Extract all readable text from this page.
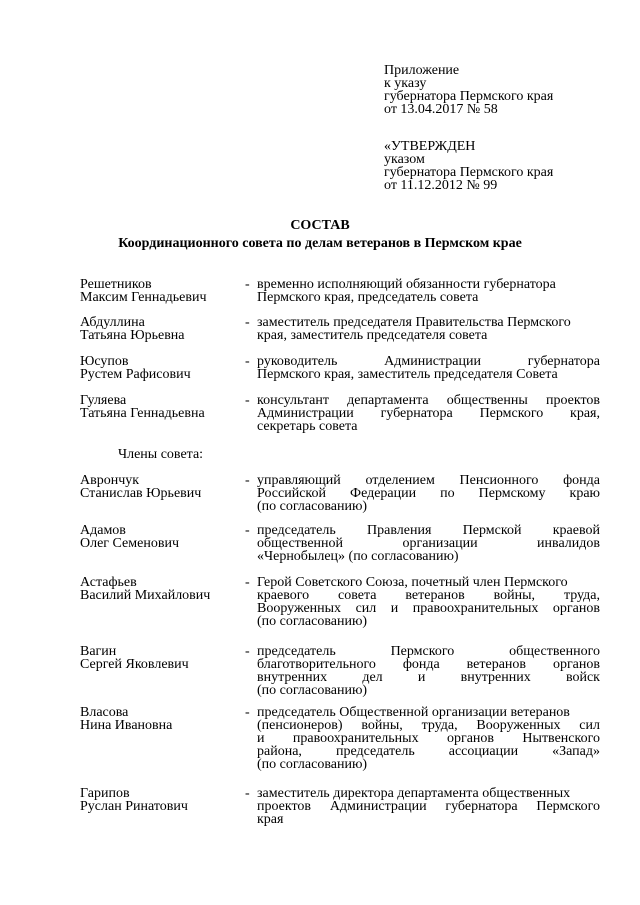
Приложение
к указу
губернатора Пермского края
от 13.04.2017 № 58
«УТВЕРЖДЕН
указом
губернатора Пермского края
от 11.12.2012 № 99
СОСТАВ
Координационного совета по делам ветеранов в Пермском крае
Члены совета:
Решетников
Максим Геннадьевич
- временно исполняющий обязанности губернатора
Пермского края, председатель совета
Абдуллина
Татьяна Юрьевна
- заместитель председателя Правительства Пермского
края, заместитель председателя совета
Юсупов
Рустем Рафисович
- руководитель Администрации губернатора
Пермского края, заместитель председателя Совета
Гуляева
Татьяна Геннадьевна
- консультант департамента общественны проектов
Администрации губернатора Пермского края,
секретарь совета
Аврончук
Станислав Юрьевич
- управляющий отделением Пенсионного фонда
Российской Федерации по Пермскому краю
(по согласованию)
Адамов
Олег Семенович
- председатель Правления Пермской краевой
общественной организации инвалидов
«Чернобылец» (по согласованию)
Астафьев
Василий Михайлович
- Герой Советского Союза, почетный член Пермского
краевого совета ветеранов войны, труда,
Вооруженных сил и правоохранительных органов
(по согласованию)
Вагин
Сергей Яковлевич
- председатель Пермского общественного
благотворительного фонда ветеранов органов
внутренних дел и внутренних войск
(по согласованию)
Власова
Нина Ивановна
- председатель Общественной организации ветеранов
(пенсионеров) войны, труда, Вооруженных сил
и правоохранительных органов Нытвенского
района, председатель ассоциации «Запад»
(по согласованию)
Гарипов
Руслан Ринатович
- заместитель директора департамента общественных
проектов Администрации губернатора Пермского
края
